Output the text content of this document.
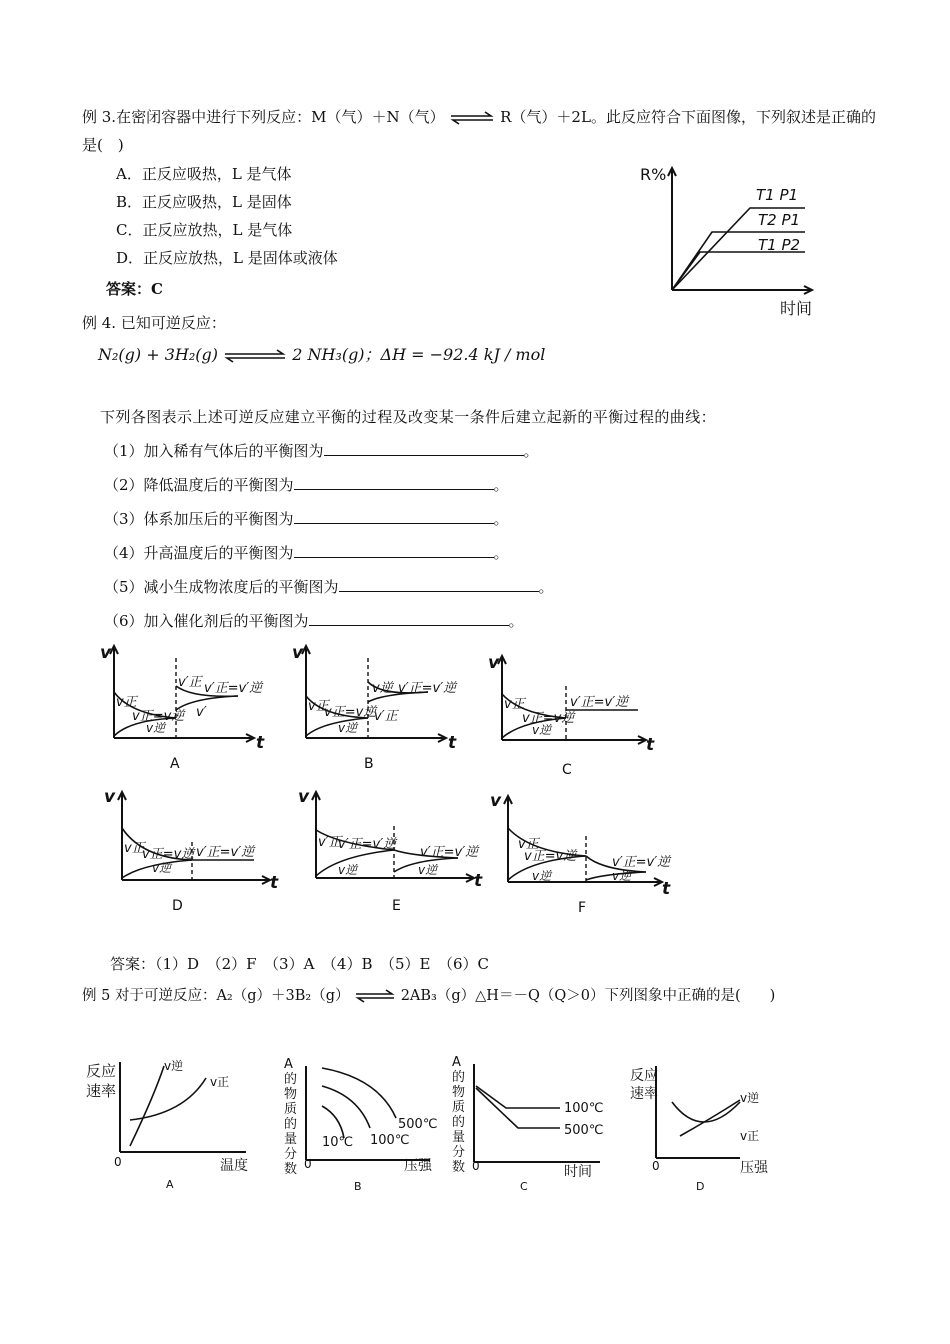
例 3.在密闭容器中进行下列反应：M（气）＋N（气） ⇌ R（气）＋2L。此反应符合下面图像，下列叙述是正确的
是(　)
A．正反应吸热，L 是气体
B．正反应吸热，L 是固体
C．正反应放热，L 是气体
D．正反应放热，L 是固体或液体
答案：C
R%
时间
T1 P1
T2 P1
T1 P2
例 4. 已知可逆反应：
N₂(g) + 3H₂(g) ⇌ 2 NH₃(g)；ΔH = −92.4 kJ / mol
下列各图表示上述可逆反应建立平衡的过程及改变某一条件后建立起新的平衡过程的曲线：
（1）加入稀有气体后的平衡图为	。
（2）降低温度后的平衡图为	。
（3）体系加压后的平衡图为	。
（4）升高温度后的平衡图为	。
（5）减小生成物浓度后的平衡图为	。
（6）加入催化剂后的平衡图为	。
v
t
v正
v正=v逆
v逆
v′正 v′正=v′逆
v′
A
v
t
v正
v正=v逆
v逆
v逆 v′正=v′逆
v′正
B
v
t
v正
v正=v逆
v逆
v′正=v′逆
C
v
t
v正
v正=v逆
v逆
v′正=v′逆
D
v
t
v′正
v′正=v′逆
v逆
v′正=v′逆
v逆
E
v
t
v正
v正=v逆
v逆
v′正=v′逆
v逆
F
答案：（1）D　（2）F　（3）A　（4）B　（5）E　（6）C
例 5 对于可逆反应：A₂（g）＋3B₂（g） ⇌ 2AB₃（g）△H＝－Q（Q＞0）下列图象中正确的是(　　)
反应速率
v逆
v正
0	温度
A
A 的物质的量分数
500℃
100℃
10℃
0	压强
B
A 的物质的量分数
100℃
500℃
0	时间
C
反应速率	v逆
v正
0	压强
D
